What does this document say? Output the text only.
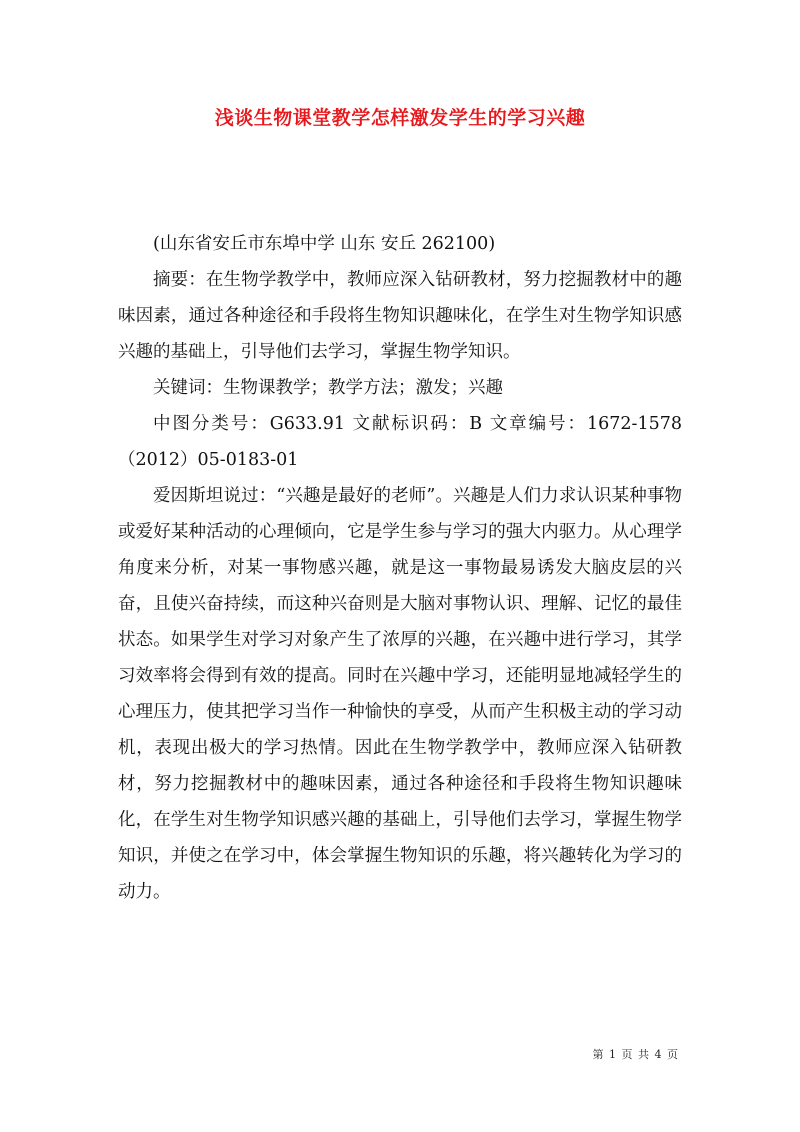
浅谈生物课堂教学怎样激发学生的学习兴趣

(山东省安丘市东埠中学 山东 安丘 262100)

摘要：在生物学教学中，教师应深入钻研教材，努力挖掘教材中的趣味因素，通过各种途径和手段将生物知识趣味化，在学生对生物学知识感兴趣的基础上，引导他们去学习，掌握生物学知识。

关键词：生物课教学；教学方法；激发；兴趣

中图分类号：G633.91 文献标识码：B 文章编号：1672-1578（2012）05-0183-01

爱因斯坦说过：“兴趣是最好的老师”。兴趣是人们力求认识某种事物或爱好某种活动的心理倾向，它是学生参与学习的强大内驱力。从心理学角度来分析，对某一事物感兴趣，就是这一事物最易诱发大脑皮层的兴奋，且使兴奋持续，而这种兴奋则是大脑对事物认识、理解、记忆的最佳状态。如果学生对学习对象产生了浓厚的兴趣，在兴趣中进行学习，其学习效率将会得到有效的提高。同时在兴趣中学习，还能明显地减轻学生的心理压力，使其把学习当作一种愉快的享受，从而产生积极主动的学习动机，表现出极大的学习热情。因此在生物学教学中，教师应深入钻研教材，努力挖掘教材中的趣味因素，通过各种途径和手段将生物知识趣味化，在学生对生物学知识感兴趣的基础上，引导他们去学习，掌握生物学知识，并使之在学习中，体会掌握生物知识的乐趣，将兴趣转化为学习的动力。

第 1 页 共 4 页
